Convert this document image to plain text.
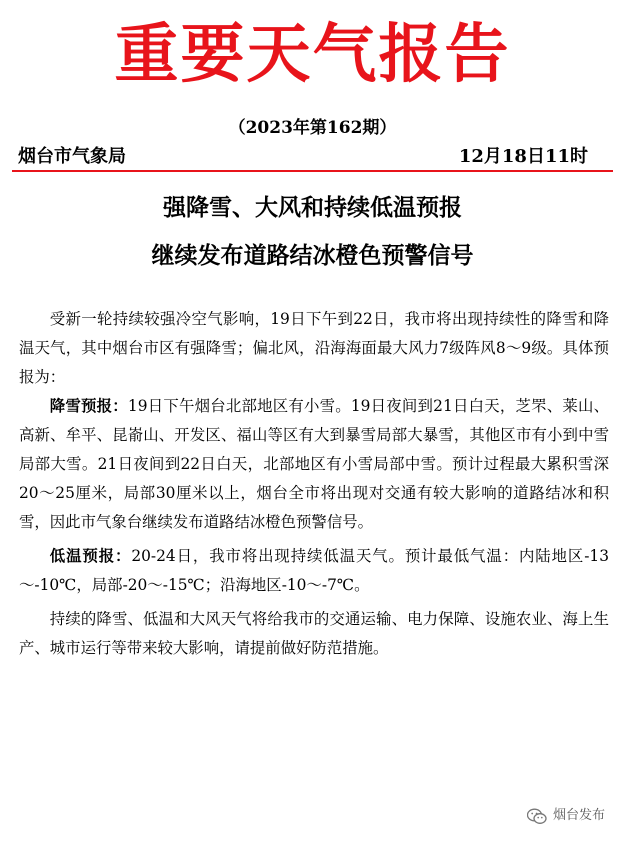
重要天气报告
（2023年第162期）
烟台市气象局	12月18日11时
强降雪、大风和持续低温预报
继续发布道路结冰橙色预警信号

受新一轮持续较强冷空气影响，19日下午到22日，我市将出现持续性的降雪和降温天气，其中烟台市区有强降雪；偏北风，沿海海面最大风力7级阵风8～9级。具体预报为：

降雪预报：19日下午烟台北部地区有小雪。19日夜间到21日白天，芝罘、莱山、高新、牟平、昆嵛山、开发区、福山等区有大到暴雪局部大暴雪，其他区市有小到中雪局部大雪。21日夜间到22日白天，北部地区有小雪局部中雪。预计过程最大累积雪深20～25厘米，局部30厘米以上，烟台全市将出现对交通有较大影响的道路结冰和积雪，因此市气象台继续发布道路结冰橙色预警信号。

低温预报：20-24日，我市将出现持续低温天气。预计最低气温：内陆地区-13～-10℃，局部-20～-15℃；沿海地区-10～-7℃。

持续的降雪、低温和大风天气将给我市的交通运输、电力保障、设施农业、海上生产、城市运行等带来较大影响，请提前做好防范措施。

烟台发布
